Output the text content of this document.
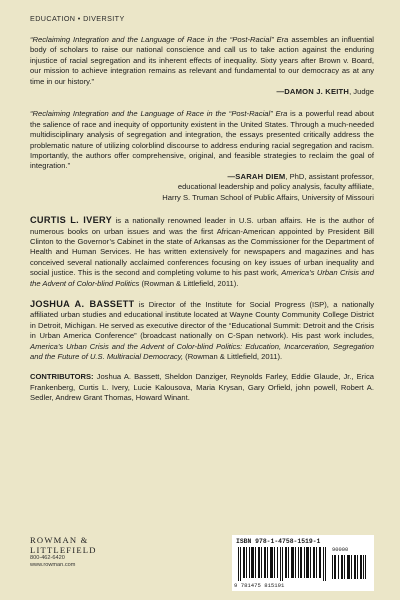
EDUCATION • DIVERSITY

“Reclaiming Integration and the Language of Race in the “Post-Racial” Era assembles an influential body of scholars to raise our national conscience and call us to take action against the enduring injustice of racial segregation and its inherent effects of inequality. Sixty years after Brown v. Board, our mission to achieve integration remains as relevant and fundamental to our democracy as at any time in our history.”
—DAMON J. KEITH, Judge

“Reclaiming Integration and the Language of Race in the “Post-Racial” Era is a powerful read about the salience of race and inequity of opportunity existent in the United States. Through a much-needed multidisciplinary analysis of segregation and integration, the essays presented critically address the problematic nature of utilizing colorblind discourse to address enduring racial segregation and racism. Importantly, the authors offer comprehensive, original, and feasible strategies to reclaim the goal of integration.”
—SARAH DIEM, PhD, assistant professor,
educational leadership and policy analysis, faculty affiliate,
Harry S. Truman School of Public Affairs, University of Missouri

CURTIS L. IVERY is a nationally renowned leader in U.S. urban affairs. He is the author of numerous books on urban issues and was the first African-American appointed by President Bill Clinton to the Governor’s Cabinet in the state of Arkansas as the Commissioner for the Department of Health and Human Services. He has written extensively for newspapers and magazines and has conceived several nationally acclaimed conferences focusing on key issues of urban inequality and social justice. This is the second and completing volume to his past work, America’s Urban Crisis and the Advent of Color-blind Politics (Rowman & Littlefield, 2011).

JOSHUA A. BASSETT is Director of the Institute for Social Progress (ISP), a nationally affiliated urban studies and educational institute located at Wayne County Community College District in Detroit, Michigan. He served as executive director of the “Educational Summit: Detroit and the Crisis in Urban America Conference” (broadcast nationally on C-Span network). His past work includes, America’s Urban Crisis and the Advent of Color-blind Politics: Education, Incarceration, Segregation and the Future of U.S. Multiracial Democracy, (Rowman & Littlefield, 2011).

CONTRIBUTORS: Joshua A. Bassett, Sheldon Danziger, Reynolds Farley, Eddie Glaude, Jr., Erica Frankenberg, Curtis L. Ivery, Lucie Kalousova, Maria Krysan, Gary Orfield, john powell, Robert A. Sedler, Andrew Grant Thomas, Howard Winant.

ROWMAN &
LITTLEFIELD
800-462-6420
www.rowman.com
ISBN 978-1-4758-1519-1
90000
9 781475 815191
